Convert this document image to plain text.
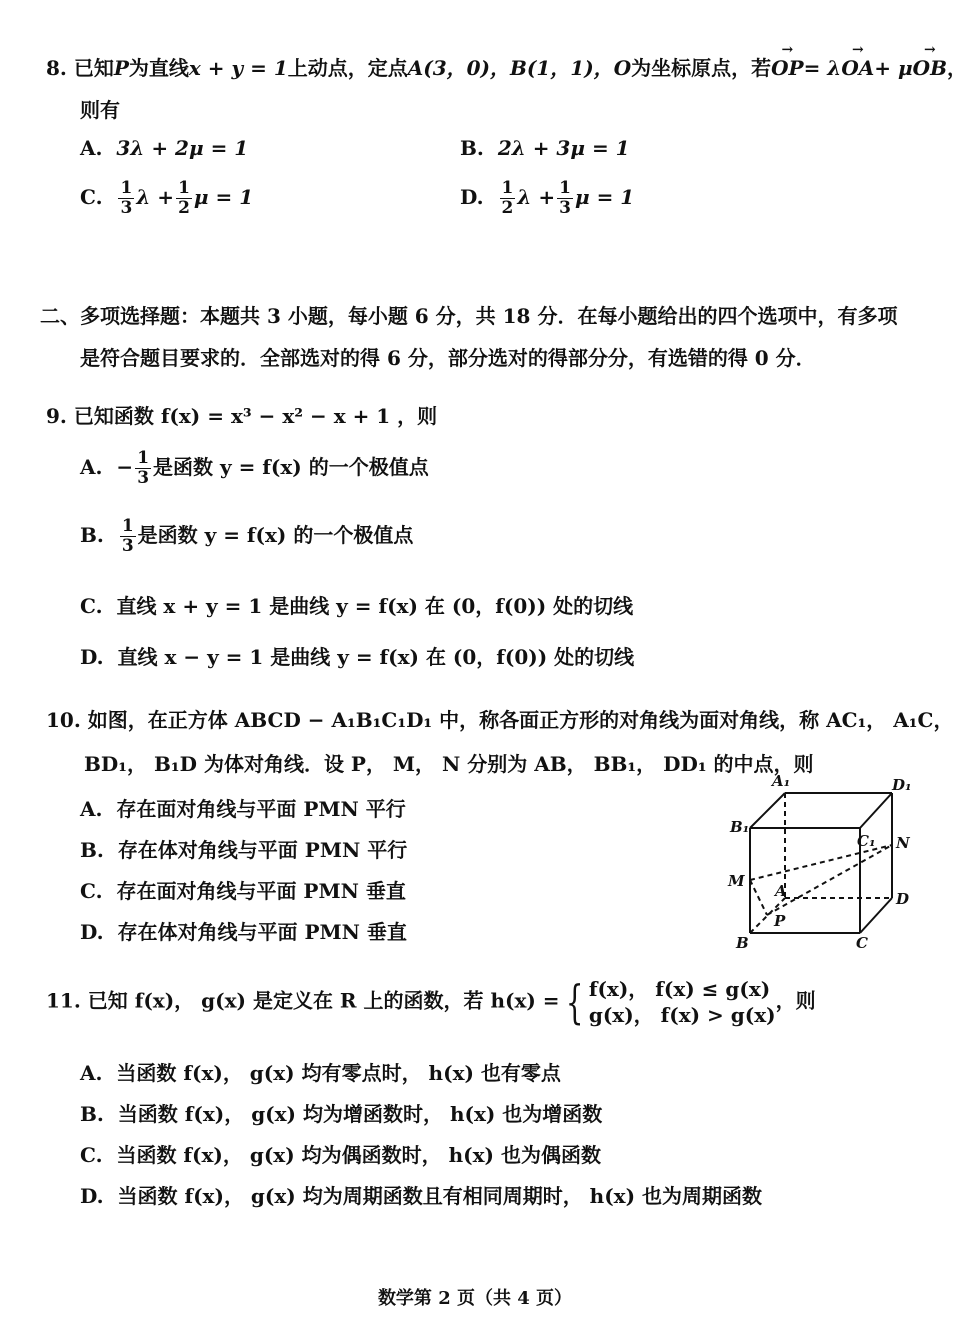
8. 已知P为直线x + y = 1上动点，定点A(3，0)，B(1，1)，O为坐标原点，若→ OP= λ→ OA+ μ→ OB，
则有
A. 3λ + 2μ = 1	B. 2λ + 3μ = 1
C. $\frac{1}{3}$ $\lambda + \frac{1}{2}$ μ = 1	D. $\frac{1}{2}$ $\lambda + \frac{1}{3}$ μ = 1
二、多项选择题：本题共 3 小题，每小题 6 分，共 18 分．在每小题给出的四个选项中，有多项
是符合题目要求的．全部选对的得 6 分，部分选对的得部分分，有选错的得 0 分．
9. 已知函数 f(x) = x³ − x² − x + 1 ，则
A. − $\frac{1}{3}$ 是函数 y = f(x) 的一个极值点
B. $\frac{1}{3}$ 是函数 y = f(x) 的一个极值点
C. 直线 x + y = 1 是曲线 y = f(x) 在 (0，f(0)) 处的切线
D. 直线 x − y = 1 是曲线 y = f(x) 在 (0，f(0)) 处的切线
10. 如图，在正方体 ABCD − A₁B₁C₁D₁ 中，称各面正方形的对角线为面对角线，称 AC₁， A₁C，
BD₁， B₁D 为体对角线．设 P， M， N 分别为 AB， BB₁， DD₁ 的中点，则
A. 存在面对角线与平面 PMN 平行
B. 存在体对角线与平面 PMN 平行
C. 存在面对角线与平面 PMN 垂直
D. 存在体对角线与平面 PMN 垂直
A₁	D₁
B₁
C₁ N
M
A	D
P
B	C
11. 已知 f(x)， g(x) 是定义在 R 上的函数，若 h(x) = { f(x)， f(x) ≤ g(x)
g(x)， f(x) > g(x)
，则
A. 当函数 f(x)， g(x) 均有零点时， h(x) 也有零点
B. 当函数 f(x)， g(x) 均为增函数时， h(x) 也为增函数
C. 当函数 f(x)， g(x) 均为偶函数时， h(x) 也为偶函数
D. 当函数 f(x)， g(x) 均为周期函数且有相同周期时， h(x) 也为周期函数
数学第 2 页（共 4 页）
